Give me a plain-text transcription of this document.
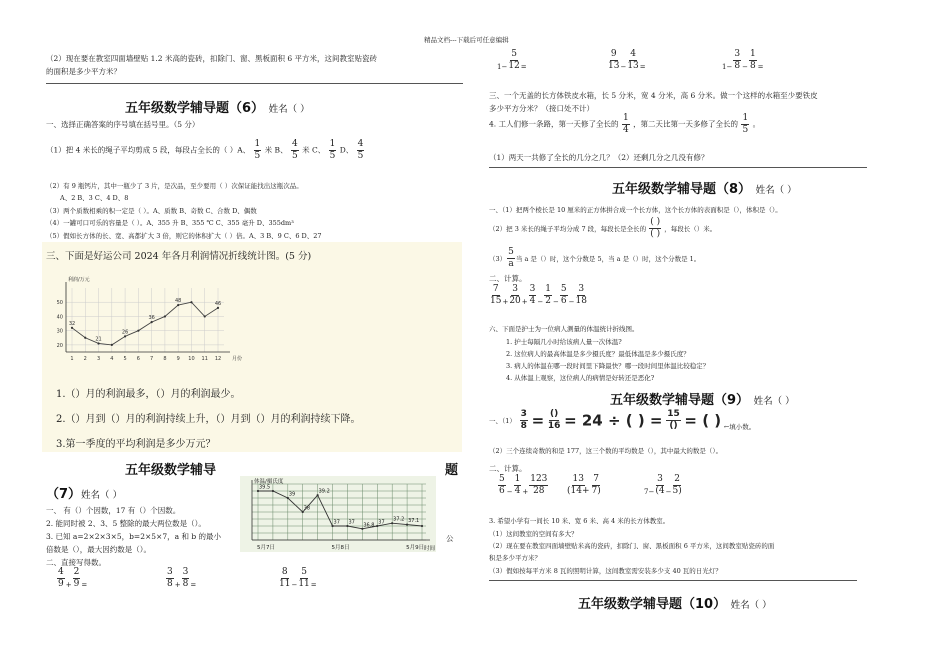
精品文档---下载后可任意编辑
（2）现在要在教室四面墙壁贴 1.2 米高的瓷砖，扣除门、窗、黑板面积 6 平方米，这间教室贴瓷砖
的面积是多少平方米？
五年级数学辅导题（6） 姓名（ ）
一、选择正确答案的序号填在括号里。（5 分）
（1）把 4 米长的绳子平均剪成 5 段，每段占全长的（ ）A、 $\frac{1}{5}$ 米 B、 $\frac{4}{5}$ 米 C、 $\frac{1}{5}$ D、 $\frac{4}{5}$
（2）有 9 瓶钙片，其中一瓶少了 3 片，是次品，至少要用（ ）次保证能找出这瓶次品。
A、2 B、3 C、4 D、8
（3）两个质数相乘的积一定是（ ）。A、质数 B、奇数 C、合数 D、偶数
（4）一罐可口可乐的容量是（ ）。A、355 升 B、355 ℃ C、355 毫升 D、355dm³
（5）假如长方体的长、宽、高都扩大 3 倍，则它的体积扩大（ ）倍。A、3 B、9 C、6 D、27
三、下面是好运公司 2024 年各月利润情况折线统计图。(5 分)
20
30
40
50
利润/万元
月份
1 2 3 4 5 6 7 8 9 10 11 12
32
21
26
36
48	46
1.（）月的利润最多，（）月的利润最少。
2.（）月到（）月的利润持续上升，（）月到（）月的利润持续下降。
3.第一季度的平均利润是多少万元？
五年级数学辅导	题
（7）姓名（ ）
体温/摄氏度
时间
5月7日	5月8日	5月9日
39.5
39
38
39.2
37 37 36.8 37 37.2 37.1
一、 有（）个因数，17 有（）个因数。
2. 能同时被 2、3、5 整除的最大两位数是（）。
3. 已知 a=2×2×3×5，b=2×5×7，a 和 b 的最小
倍数是（），最大因约数是（）。
公
二、直接写得数。
$\frac{4}{9} + \frac{2}{9}$ =	$\frac{3}{8} + \frac{3}{8}$ =	$\frac{8}{11} - \frac{5}{11}$ =
$1- \frac{5}{12}$ =	$\frac{9}{13} - \frac{4}{13}$ =	$1- \frac{3}{8} - \frac{1}{8}$ =
三、一个无盖的长方体铁皮水箱，长 5 分米，宽 4 分米，高 6 分米。做一个这样的水箱至少要铁皮
多少平方分米？（接口处不计）
4. 工人们修一条路，第一天修了全长的 $\frac{1}{4}$ ，第二天比第一天多修了全长的 $\frac{1}{5}$ 。
（1）两天一共修了全长的几分之几？（2）还剩几分之几没有修？
五年级数学辅导题（8） 姓名（ ）
一、（1）把两个棱长是 10 厘米的正方体拼合成一个长方体，这个长方体的表面积是（），体积是（）。
（2）把 3 米长的绳子平均分成 7 段，每段长是全长的 $\frac{( )}{( )}$ ，每段长（）米。
$(3) \frac{5}{a}$ 当 a 是（）时，这个分数是 5，当 a 是（）时，这个分数是 1。
二、计算。
$\frac{7}{15} + \frac{3}{20} + \frac{3}{4} - \frac{1}{2} - \frac{5}{6} - \frac{3}{18}$
六、下面是护士为一位病人测量的体温统计折线图。
1. 护士每隔几小时给该病人量一次体温?
2. 这位病人的最高体温是多少摄氏度？最低体温是多少摄氏度？
3. 病人的体温在哪一段时间里下降最快？哪一段时间里体温比较稳定？
4. 从体温上观察，这位病人的病情是好转还是恶化?
五年级数学辅导题（9） 姓名（ ）
一、$(1) \frac{3}{8} = \frac{()}{16} = 24$ ÷ ( ) = $\frac{15}{()}$ = ( ) ←填小数。
（2）三个连续奇数的和是 177，这三个数的平均数是（），其中最大的数是（）。
二、计算。
$\frac{5}{6} - \frac{1}{4} + \frac{123}{28} \frac{13}{(14+} \frac{7}{7)}$	$7- \frac{3}{(4} - \frac{2}{5)}$
3. 希望小学有一间长 10 米、宽 6 米、高 4 米的长方体教室。
（1）这间教室的空间有多大？
（2）现在要在教室四面墙壁贴米高的瓷砖，扣除门、窗、黑板面积 6 平方米，这间教室贴瓷砖的面
积是多少平方米？
（3）假如按每平方米 8 瓦的照明计算，这间教室需安装多少支 40 瓦的日光灯？
五年级数学辅导题（10） 姓名（ ）
